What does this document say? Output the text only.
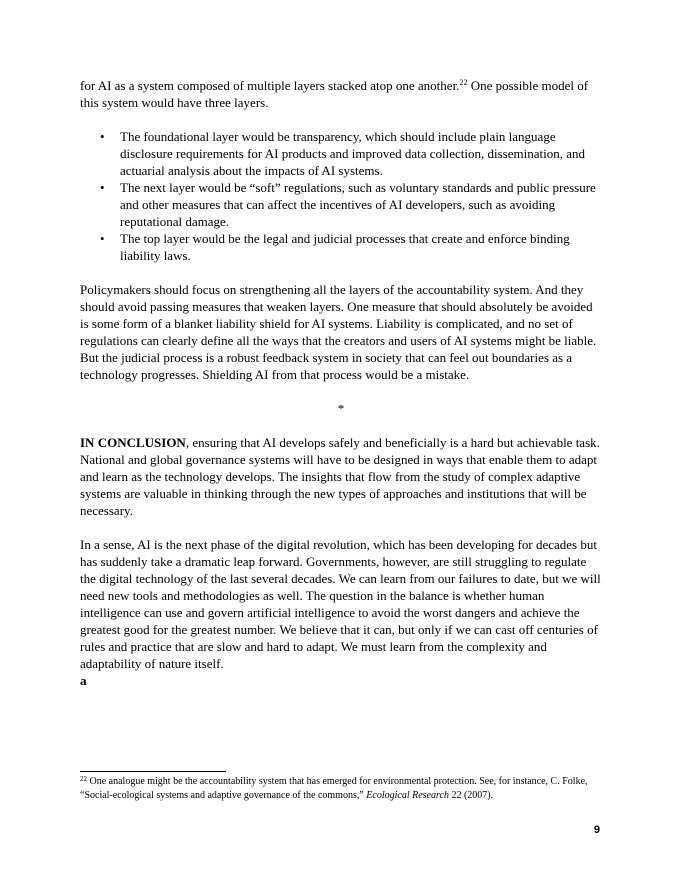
for AI as a system composed of multiple layers stacked atop one another.$^{22}$ One possible model of this system would have three layers.

• The foundational layer would be transparency, which should include plain language disclosure requirements for AI products and improved data collection, dissemination, and actuarial analysis about the impacts of AI systems.
• The next layer would be “soft” regulations, such as voluntary standards and public pressure and other measures that can affect the incentives of AI developers, such as avoiding reputational damage.
• The top layer would be the legal and judicial processes that create and enforce binding liability laws.

Policymakers should focus on strengthening all the layers of the accountability system. And they should avoid passing measures that weaken layers. One measure that should absolutely be avoided is some form of a blanket liability shield for AI systems. Liability is complicated, and no set of regulations can clearly define all the ways that the creators and users of AI systems might be liable. But the judicial process is a robust feedback system in society that can feel out boundaries as a technology progresses. Shielding AI from that process would be a mistake.

*

IN CONCLUSION, ensuring that AI develops safely and beneficially is a hard but achievable task. National and global governance systems will have to be designed in ways that enable them to adapt and learn as the technology develops. The insights that flow from the study of complex adaptive systems are valuable in thinking through the new types of approaches and institutions that will be necessary.

In a sense, AI is the next phase of the digital revolution, which has been developing for decades but has suddenly take a dramatic leap forward. Governments, however, are still struggling to regulate the digital technology of the last several decades. We can learn from our failures to date, but we will need new tools and methodologies as well. The question in the balance is whether human intelligence can use and govern artificial intelligence to avoid the worst dangers and achieve the greatest good for the greatest number. We believe that it can, but only if we can cast off centuries of rules and practice that are slow and hard to adapt. We must learn from the complexity and adaptability of nature itself.

a
$^{22}$ One analogue might be the accountability system that has emerged for environmental protection. See, for instance, C. Folke, “Social-ecological systems and adaptive governance of the commons,” Ecological Research 22 (2007).
9
